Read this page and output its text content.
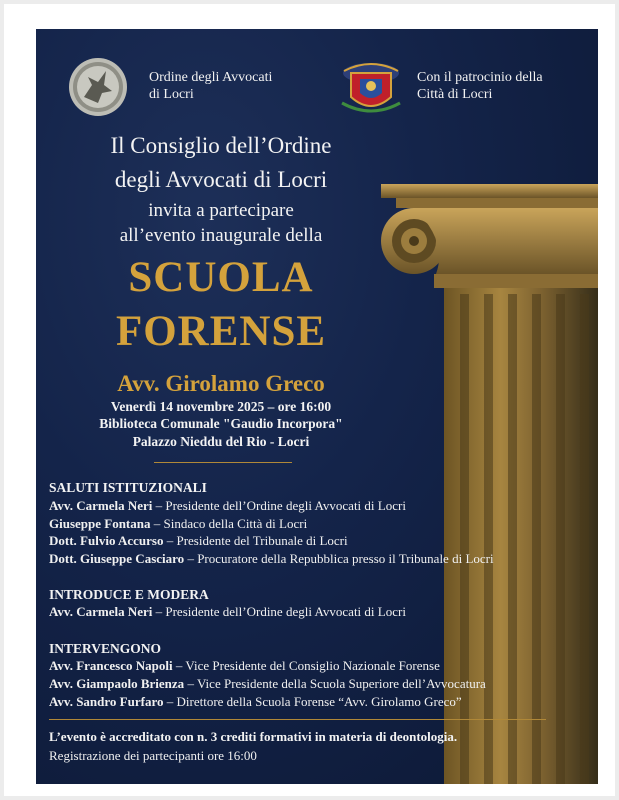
Ordine degli Avvocati
di Locri
Con il patrocinio della
Città di Locri
Il Consiglio dell’Ordine
degli Avvocati di Locri
invita a partecipare
all’evento inaugurale della
SCUOLA
FORENSE
Avv. Girolamo Greco
Venerdì 14 novembre 2025 – ore 16:00
Biblioteca Comunale "Gaudio Incorpora"
Palazzo Nieddu del Rio - Locri
SALUTI ISTITUZIONALI
Avv. Carmela Neri – Presidente dell’Ordine degli Avvocati di Locri
Giuseppe Fontana – Sindaco della Città di Locri
Dott. Fulvio Accurso – Presidente del Tribunale di Locri
Dott. Giuseppe Casciaro – Procuratore della Repubblica presso il Tribunale di Locri
INTRODUCE E MODERA
Avv. Carmela Neri – Presidente dell’Ordine degli Avvocati di Locri
INTERVENGONO
Avv. Francesco Napoli – Vice Presidente del Consiglio Nazionale Forense
Avv. Giampaolo Brienza – Vice Presidente della Scuola Superiore dell’Avvocatura
Avv. Sandro Furfaro – Direttore della Scuola Forense “Avv. Girolamo Greco”
L’evento è accreditato con n. 3 crediti formativi in materia di deontologia.
Registrazione dei partecipanti ore 16:00
